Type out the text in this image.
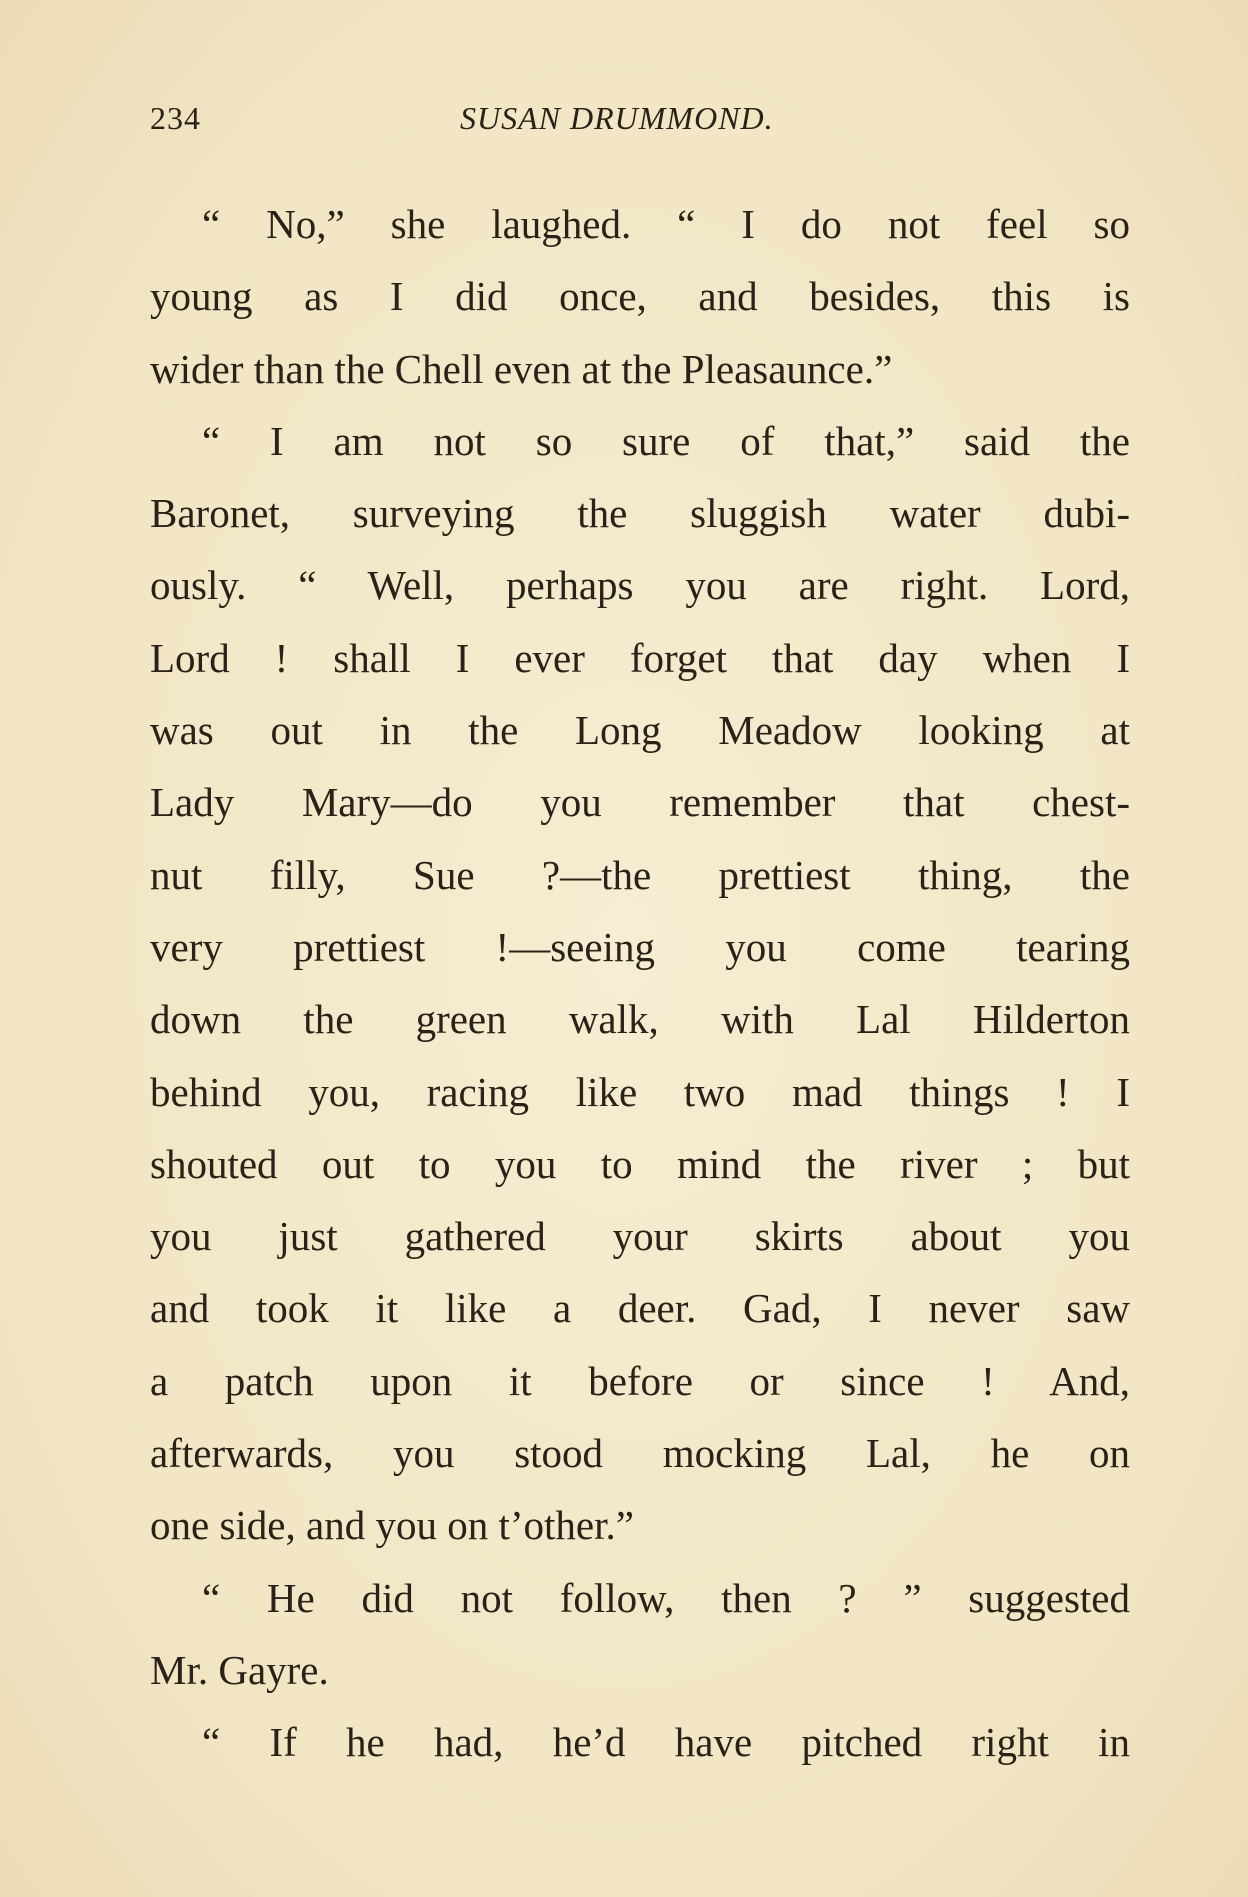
234	SUSAN DRUMMOND.
“ No,” she laughed. “ I do not feel so
young as I did once, and besides, this is
wider than the Chell even at the Pleasaunce.”
“ I am not so sure of that,” said the
Baronet, surveying the sluggish water dubi-
ously. “ Well, perhaps you are right. Lord,
Lord ! shall I ever forget that day when I
was out in the Long Meadow looking at
Lady Mary—do you remember that chest-
nut filly, Sue ?—the prettiest thing, the
very prettiest !—seeing you come tearing
down the green walk, with Lal Hilderton
behind you, racing like two mad things ! I
shouted out to you to mind the river ; but
you just gathered your skirts about you
and took it like a deer. Gad, I never saw
a patch upon it before or since ! And,
afterwards, you stood mocking Lal, he on
one side, and you on t’other.”
“ He did not follow, then ? ” suggested
Mr. Gayre.
“ If he had, he’d have pitched right in
